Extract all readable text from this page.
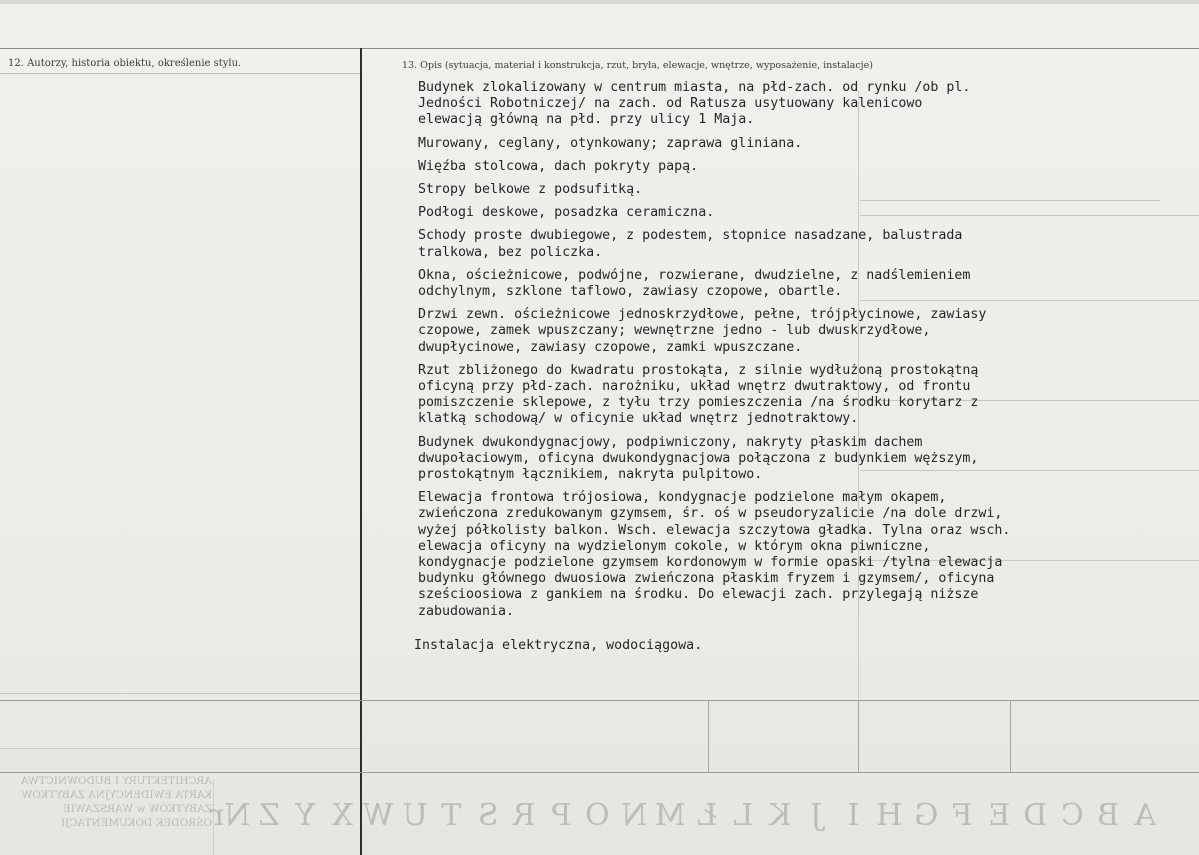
12. Autorzy, historia obiektu, określenie stylu.	13. Opis (sytuacja, materiał i konstrukcja, rzut, bryła, elewacje, wnętrze, wyposażenie, instalacje)

Budynek zlokalizowany w centrum miasta, na płd-zach. od rynku /ob pl.
Jedności Robotniczej/ na zach. od Ratusza usytuowany kalenicowo
elewacją główną na płd. przy ulicy 1 Maja.

Murowany, ceglany, otynkowany; zaprawa gliniana.

Więźba stolcowa, dach pokryty papą.

Stropy belkowe z podsufitką.

Podłogi deskowe, posadzka ceramiczna.

Schody proste dwubiegowe, z podestem, stopnice nasadzane, balustrada
tralkowa, bez policzka.

Okna, ościeżnicowe, podwójne, rozwierane, dwudzielne, z nadślemieniem
odchylnym, szklone taflowo, zawiasy czopowe, obartle.

Drzwi zewn. ościeżnicowe jednoskrzydłowe, pełne, trójpłycinowe, zawiasy
czopowe, zamek wpuszczany; wewnętrzne jedno - lub dwuskrzydłowe,
dwupłycinowe, zawiasy czopowe, zamki wpuszczane.

Rzut zbliżonego do kwadratu prostokąta, z silnie wydłużoną prostokątną
oficyną przy płd-zach. narożniku, układ wnętrz dwutraktowy, od frontu
pomiszczenie sklepowe, z tyłu trzy pomieszczenia /na środku korytarz z
klatką schodową/ w oficynie układ wnętrz jednotraktowy.

Budynek dwukondygnacjowy, podpiwniczony, nakryty płaskim dachem
dwupołaciowym, oficyna dwukondygnacjowa połączona z budynkiem węższym,
prostokątnym łącznikiem, nakryta pulpitowo.

Elewacja frontowa trójosiowa, kondygnacje podzielone małym okapem,
zwieńczona zredukowanym gzymsem, śr. oś w pseudoryzalicie /na dole drzwi,
wyżej półkolisty balkon. Wsch. elewacja szczytowa gładka. Tylna oraz wsch.
elewacja oficyny na wydzielonym cokole, w którym okna piwniczne,
kondygnacje podzielone gzymsem kordonowym w formie opaski /tylna elewacja
budynku głównego dwuosiowa zwieńczona płaskim fryzem i gzymsem/, oficyna
sześcioosiowa z gankiem na środku. Do elewacji zach. przylegają niższe
zabudowania.

Instalacja elektryczna, wodociągowa.

ARCHITEKTURY I BUDOWNICTWA
KARTA EWIDENCYJNA ZABYTKÓW
ZABYTKÓW w WARSZAWIE
OŚRODEK DOKUMENTACJI
Nr Z Y X W U T S R P O N M Ł L K J I H G F E D C B A
